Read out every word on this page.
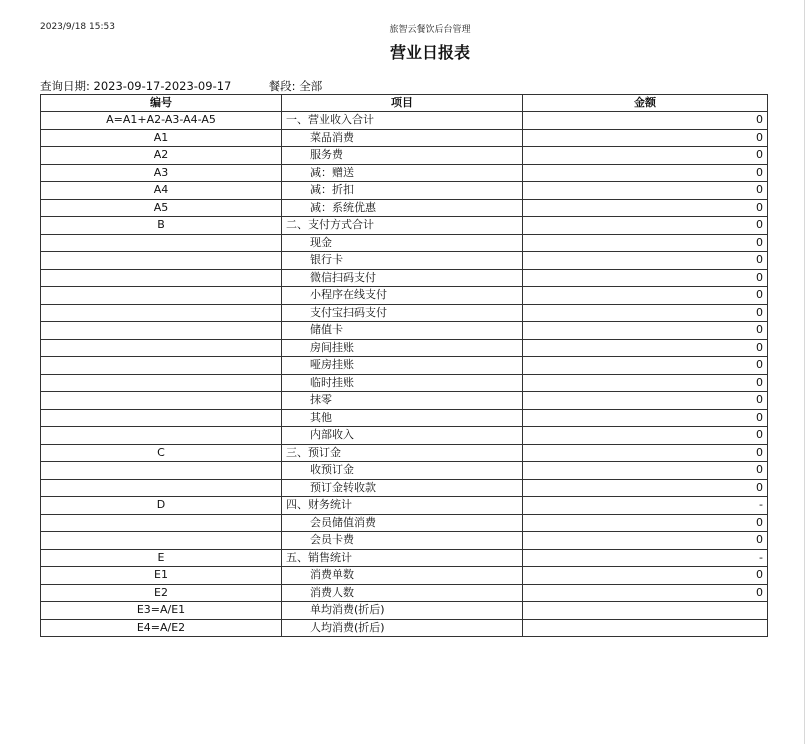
2023/9/18 15:53	旅智云餐饮后台管理
营业日报表
查询日期: 2023-09-17-2023-09-17	餐段: 全部
编号	项目	金额
A=A1+A2-A3-A4-A5	一、营业收入合计	0
A1	菜品消费	0
A2	服务费	0
A3	减：赠送	0
A4	减：折扣	0
A5	减：系统优惠	0
B	二、支付方式合计	0
	现金	0
	银行卡	0
	微信扫码支付	0
	小程序在线支付	0
	支付宝扫码支付	0
	储值卡	0
	房间挂账	0
	哑房挂账	0
	临时挂账	0
	抹零	0
	其他	0
	内部收入	0
C	三、预订金	0
	收预订金	0
	预订金转收款	0
D	四、财务统计	-
	会员储值消费	0
	会员卡费	0
E	五、销售统计	-
E1	消费单数	0
E2	消费人数	0
E3=A/E1	单均消费(折后)	
E4=A/E2	人均消费(折后)	
